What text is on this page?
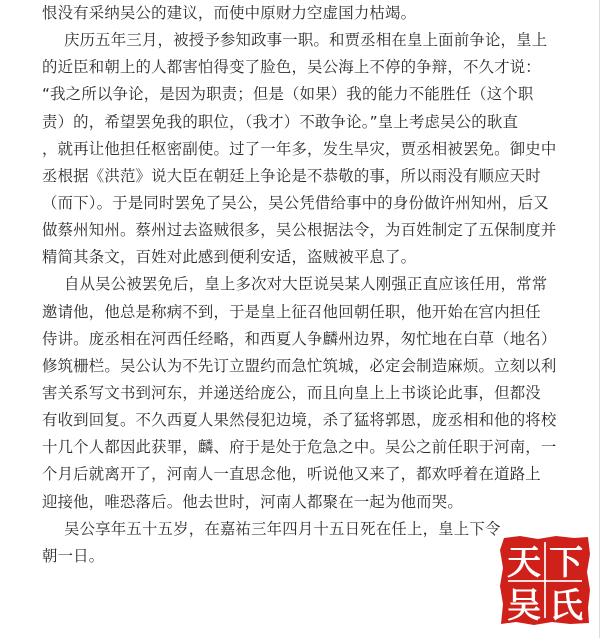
恨没有采纳吴公的建议，而使中原财力空虚国力枯竭。
庆历五年三月，被授予参知政事一职。和贾丞相在皇上面前争论，皇上
的近臣和朝上的人都害怕得变了脸色，吴公海上不停的争辩，不久才说：
“我之所以争论，是因为职责；但是（如果）我的能力不能胜任（这个职
责）的，希望罢免我的职位，（我才）不敢争论。”皇上考虑吴公的耿直
，就再让他担任枢密副使。过了一年多，发生旱灾，贾丞相被罢免。御史中
丞根据《洪范》说大臣在朝廷上争论是不恭敬的事，所以雨没有顺应天时
（而下）。于是同时罢免了吴公，吴公凭借给事中的身份做许州知州，后又
做蔡州知州。蔡州过去盗贼很多，吴公根据法令，为百姓制定了五保制度并
精简其条文，百姓对此感到便利安适，盗贼被平息了。
自从吴公被罢免后，皇上多次对大臣说吴某人刚强正直应该任用，常常
邀请他，他总是称病不到，于是皇上征召他回朝任职，他开始在宫内担任
侍讲。庞丞相在河西任经略，和西夏人争麟州边界，匆忙地在白草（地名）
修筑栅栏。吴公认为不先订立盟约而急忙筑城，必定会制造麻烦。立刻以利
害关系写文书到河东，并递送给庞公，而且向皇上上书谈论此事，但都没
有收到回复。不久西夏人果然侵犯边境，杀了猛将郭恩，庞丞相和他的将校
十几个人都因此获罪，麟、府于是处于危急之中。吴公之前任职于河南，一
个月后就离开了，河南人一直思念他，听说他又来了，都欢呼着在道路上
迎接他，唯恐落后。他去世时，河南人都聚在一起为他而哭。
吴公享年五十五岁，在嘉祐三年四月十五日死在任上，皇上下令
朝一日。	天 下
吴 氏
